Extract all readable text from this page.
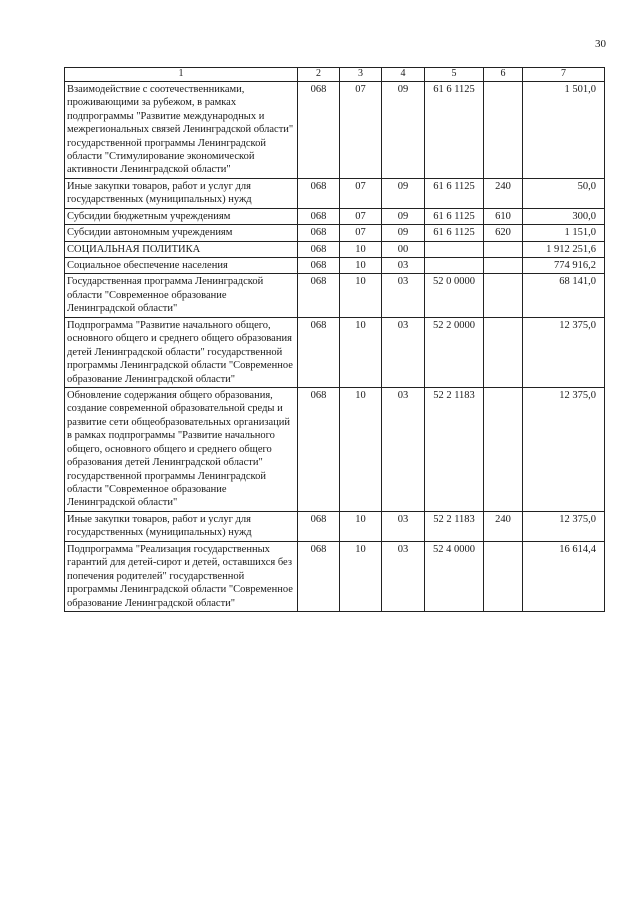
30
1	2	3	4	5	6	7
Взаимодействие с соотечественниками, проживающими за рубежом, в рамках подпрограммы "Развитие международных и межрегиональных связей Ленинградской области" государственной программы Ленинградской области "Стимулирование экономической активности Ленинградской области"	068	07	09	61 6 1125		1 501,0
Иные закупки товаров, работ и услуг для государственных (муниципальных) нужд	068	07	09	61 6 1125	240	50,0
Субсидии бюджетным учреждениям	068	07	09	61 6 1125	610	300,0
Субсидии автономным учреждениям	068	07	09	61 6 1125	620	1 151,0
СОЦИАЛЬНАЯ ПОЛИТИКА	068	10	00			1 912 251,6
Социальное обеспечение населения	068	10	03			774 916,2
Государственная программа Ленинградской области "Современное образование Ленинградской области"	068	10	03	52 0 0000		68 141,0
Подпрограмма "Развитие начального общего, основного общего и среднего общего образования детей Ленинградской области" государственной программы Ленинградской области "Современное образование Ленинградской области"	068	10	03	52 2 0000		12 375,0
Обновление содержания общего образования, создание современной образовательной среды и развитие сети общеобразовательных организаций в рамках подпрограммы "Развитие начального общего, основного общего и среднего общего образования детей Ленинградской области" государственной программы Ленинградской области "Современное образование Ленинградской области"	068	10	03	52 2 1183		12 375,0
Иные закупки товаров, работ и услуг для государственных (муниципальных) нужд	068	10	03	52 2 1183	240	12 375,0
Подпрограмма "Реализация государственных гарантий для детей-сирот и детей, оставшихся без попечения родителей" государственной программы Ленинградской области "Современное образование Ленинградской области"	068	10	03	52 4 0000		16 614,4
